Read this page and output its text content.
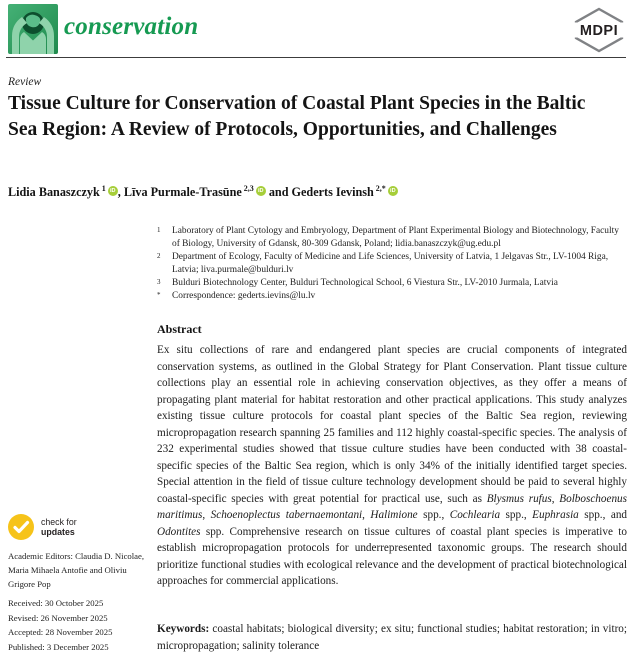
conservation	MDPI
Review
Tissue Culture for Conservation of Coastal Plant Species in the Baltic Sea Region: A Review of Protocols, Opportunities, and Challenges
Lidia Banaszczyk $^1$ iD , Līva Purmale-Trasūne $^{2,3}$ iD and Gederts Ievinsh $^{2,*}$ iD
1	Laboratory of Plant Cytology and Embryology, Department of Plant Experimental Biology and Biotechnology, Faculty of Biology, University of Gdansk, 80-309 Gdansk, Poland; lidia.banaszczyk@ug.edu.pl
2	Department of Ecology, Faculty of Medicine and Life Sciences, University of Latvia, 1 Jelgavas Str., LV-1004 Riga, Latvia; liva.purmale@bulduri.lv
3	Bulduri Biotechnology Center, Bulduri Technological School, 6 Viestura Str., LV-2010 Jurmala, Latvia
*	Correspondence: gederts.ievins@lu.lv
Abstract
Ex situ collections of rare and endangered plant species are crucial components of integrated conservation systems, as outlined in the Global Strategy for Plant Conservation. Plant tissue culture collections play an essential role in achieving conservation objectives, as they offer a means of propagating plant material for habitat restoration and other practical applications. This study analyzes existing tissue culture protocols for coastal plant species of the Baltic Sea region, reviewing micropropagation research spanning 25 families and 112 highly coastal-specific species. The analysis of 232 experimental studies showed that tissue culture studies have been conducted with 38 coastal-specific species of the Baltic Sea region, which is only 34% of the initially identified target species. Special attention in the field of tissue culture technology development should be paid to several highly coastal-specific species with great potential for practical use, such as Blysmus rufus, Bolboschoenus maritimus, Schoenoplectus tabernaemontani, Halimione spp., Cochlearia spp., Euphrasia spp., and Odontites spp. Comprehensive research on tissue cultures of coastal plant species is imperative to establish micropropagation protocols for underrepresented taxonomic groups. The research should prioritize functional studies with ecological relevance and the development of practical biotechnological approaches for commercial applications.
Keywords: coastal habitats; biological diversity; ex situ; functional studies; habitat restoration; in vitro; micropropagation; salinity tolerance
check for
updates
Academic Editors: Claudia D. Nicolae, Maria Mihaela Antofie and Oliviu Grigore Pop
Received: 30 October 2025
Revised: 26 November 2025
Accepted: 28 November 2025
Published: 3 December 2025
